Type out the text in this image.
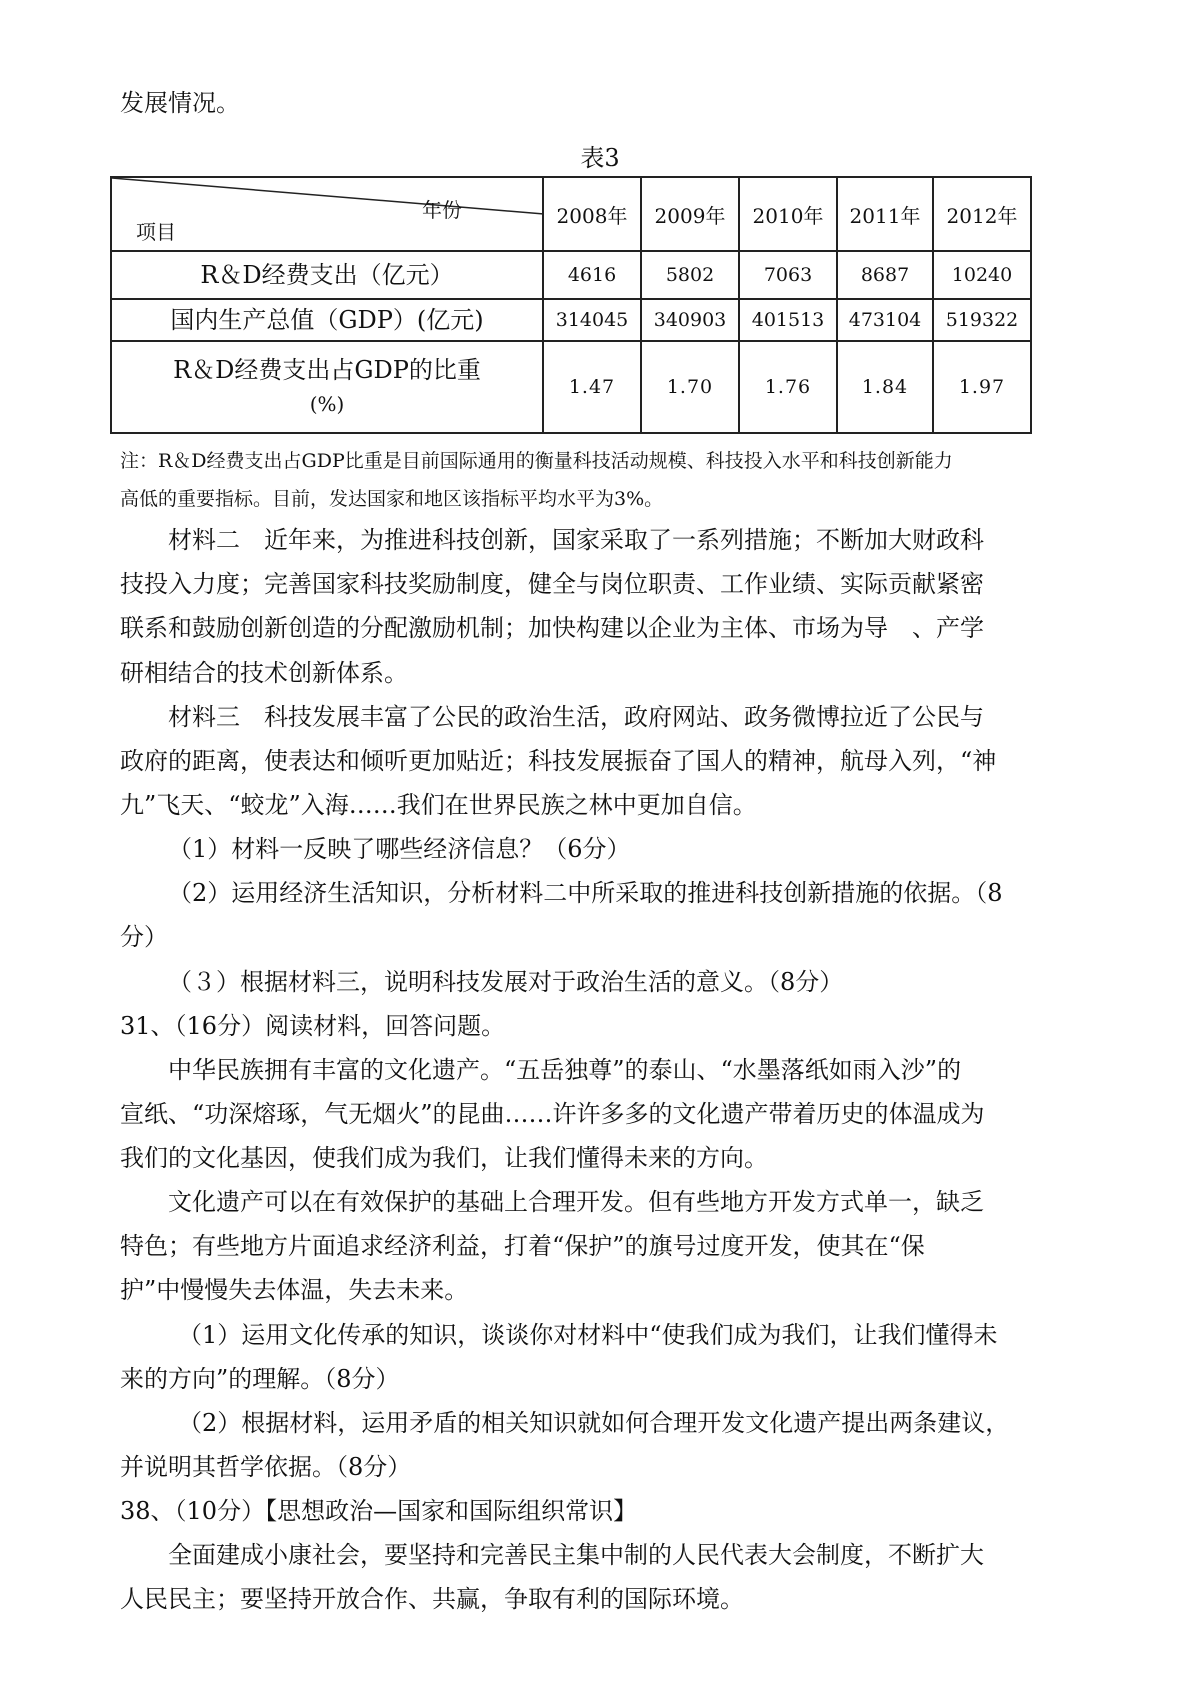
发展情况。
表3
年份
项目	2008年	2009年	2010年	2011年	2012年
R＆D经费支出（亿元）	4616	5802	7063	8687	10240
国内生产总值（GDP）(亿元)	314045	340903	401513	473104	519322

R＆D经费支出占GDP的比重
(%)	1.47	1.70	1.76	1.84	1.97
注：R＆D经费支出占GDP比重是目前国际通用的衡量科技活动规模、科技投入水平和科技创新能力
高低的重要指标。目前，发达国家和地区该指标平均水平为3%。
材料二　近年来，为推进科技创新，国家采取了一系列措施；不断加大财政科
技投入力度；完善国家科技奖励制度，健全与岗位职责、工作业绩、实际贡献紧密
联系和鼓励创新创造的分配激励机制；加快构建以企业为主体、市场为导　、产学
研相结合的技术创新体系。
材料三　科技发展丰富了公民的政治生活，政府网站、政务微博拉近了公民与
政府的距离，使表达和倾听更加贴近；科技发展振奋了国人的精神，航母入列，“神
九”飞天、“蛟龙”入海……我们在世界民族之林中更加自信。
（1）材料一反映了哪些经济信息？（6分）
（2）运用经济生活知识，分析材料二中所采取的推进科技创新措施的依据。（8
分）
（３）根据材料三，说明科技发展对于政治生活的意义。（8分）
31、（16分）阅读材料，回答问题。
中华民族拥有丰富的文化遗产。“五岳独尊”的泰山、“水墨落纸如雨入沙”的
宣纸、“功深熔琢，气无烟火”的昆曲……许许多多的文化遗产带着历史的体温成为
我们的文化基因，使我们成为我们，让我们懂得未来的方向。
文化遗产可以在有效保护的基础上合理开发。但有些地方开发方式单一，缺乏
特色；有些地方片面追求经济利益，打着“保护”的旗号过度开发，使其在“保
护”中慢慢失去体温，失去未来。
（1）运用文化传承的知识，谈谈你对材料中“使我们成为我们，让我们懂得未
来的方向”的理解。（8分）
（2）根据材料，运用矛盾的相关知识就如何合理开发文化遗产提出两条建议，
并说明其哲学依据。（8分）
38、（10分）【思想政治—国家和国际组织常识】
全面建成小康社会，要坚持和完善民主集中制的人民代表大会制度，不断扩大
人民民主；要坚持开放合作、共赢，争取有利的国际环境。
